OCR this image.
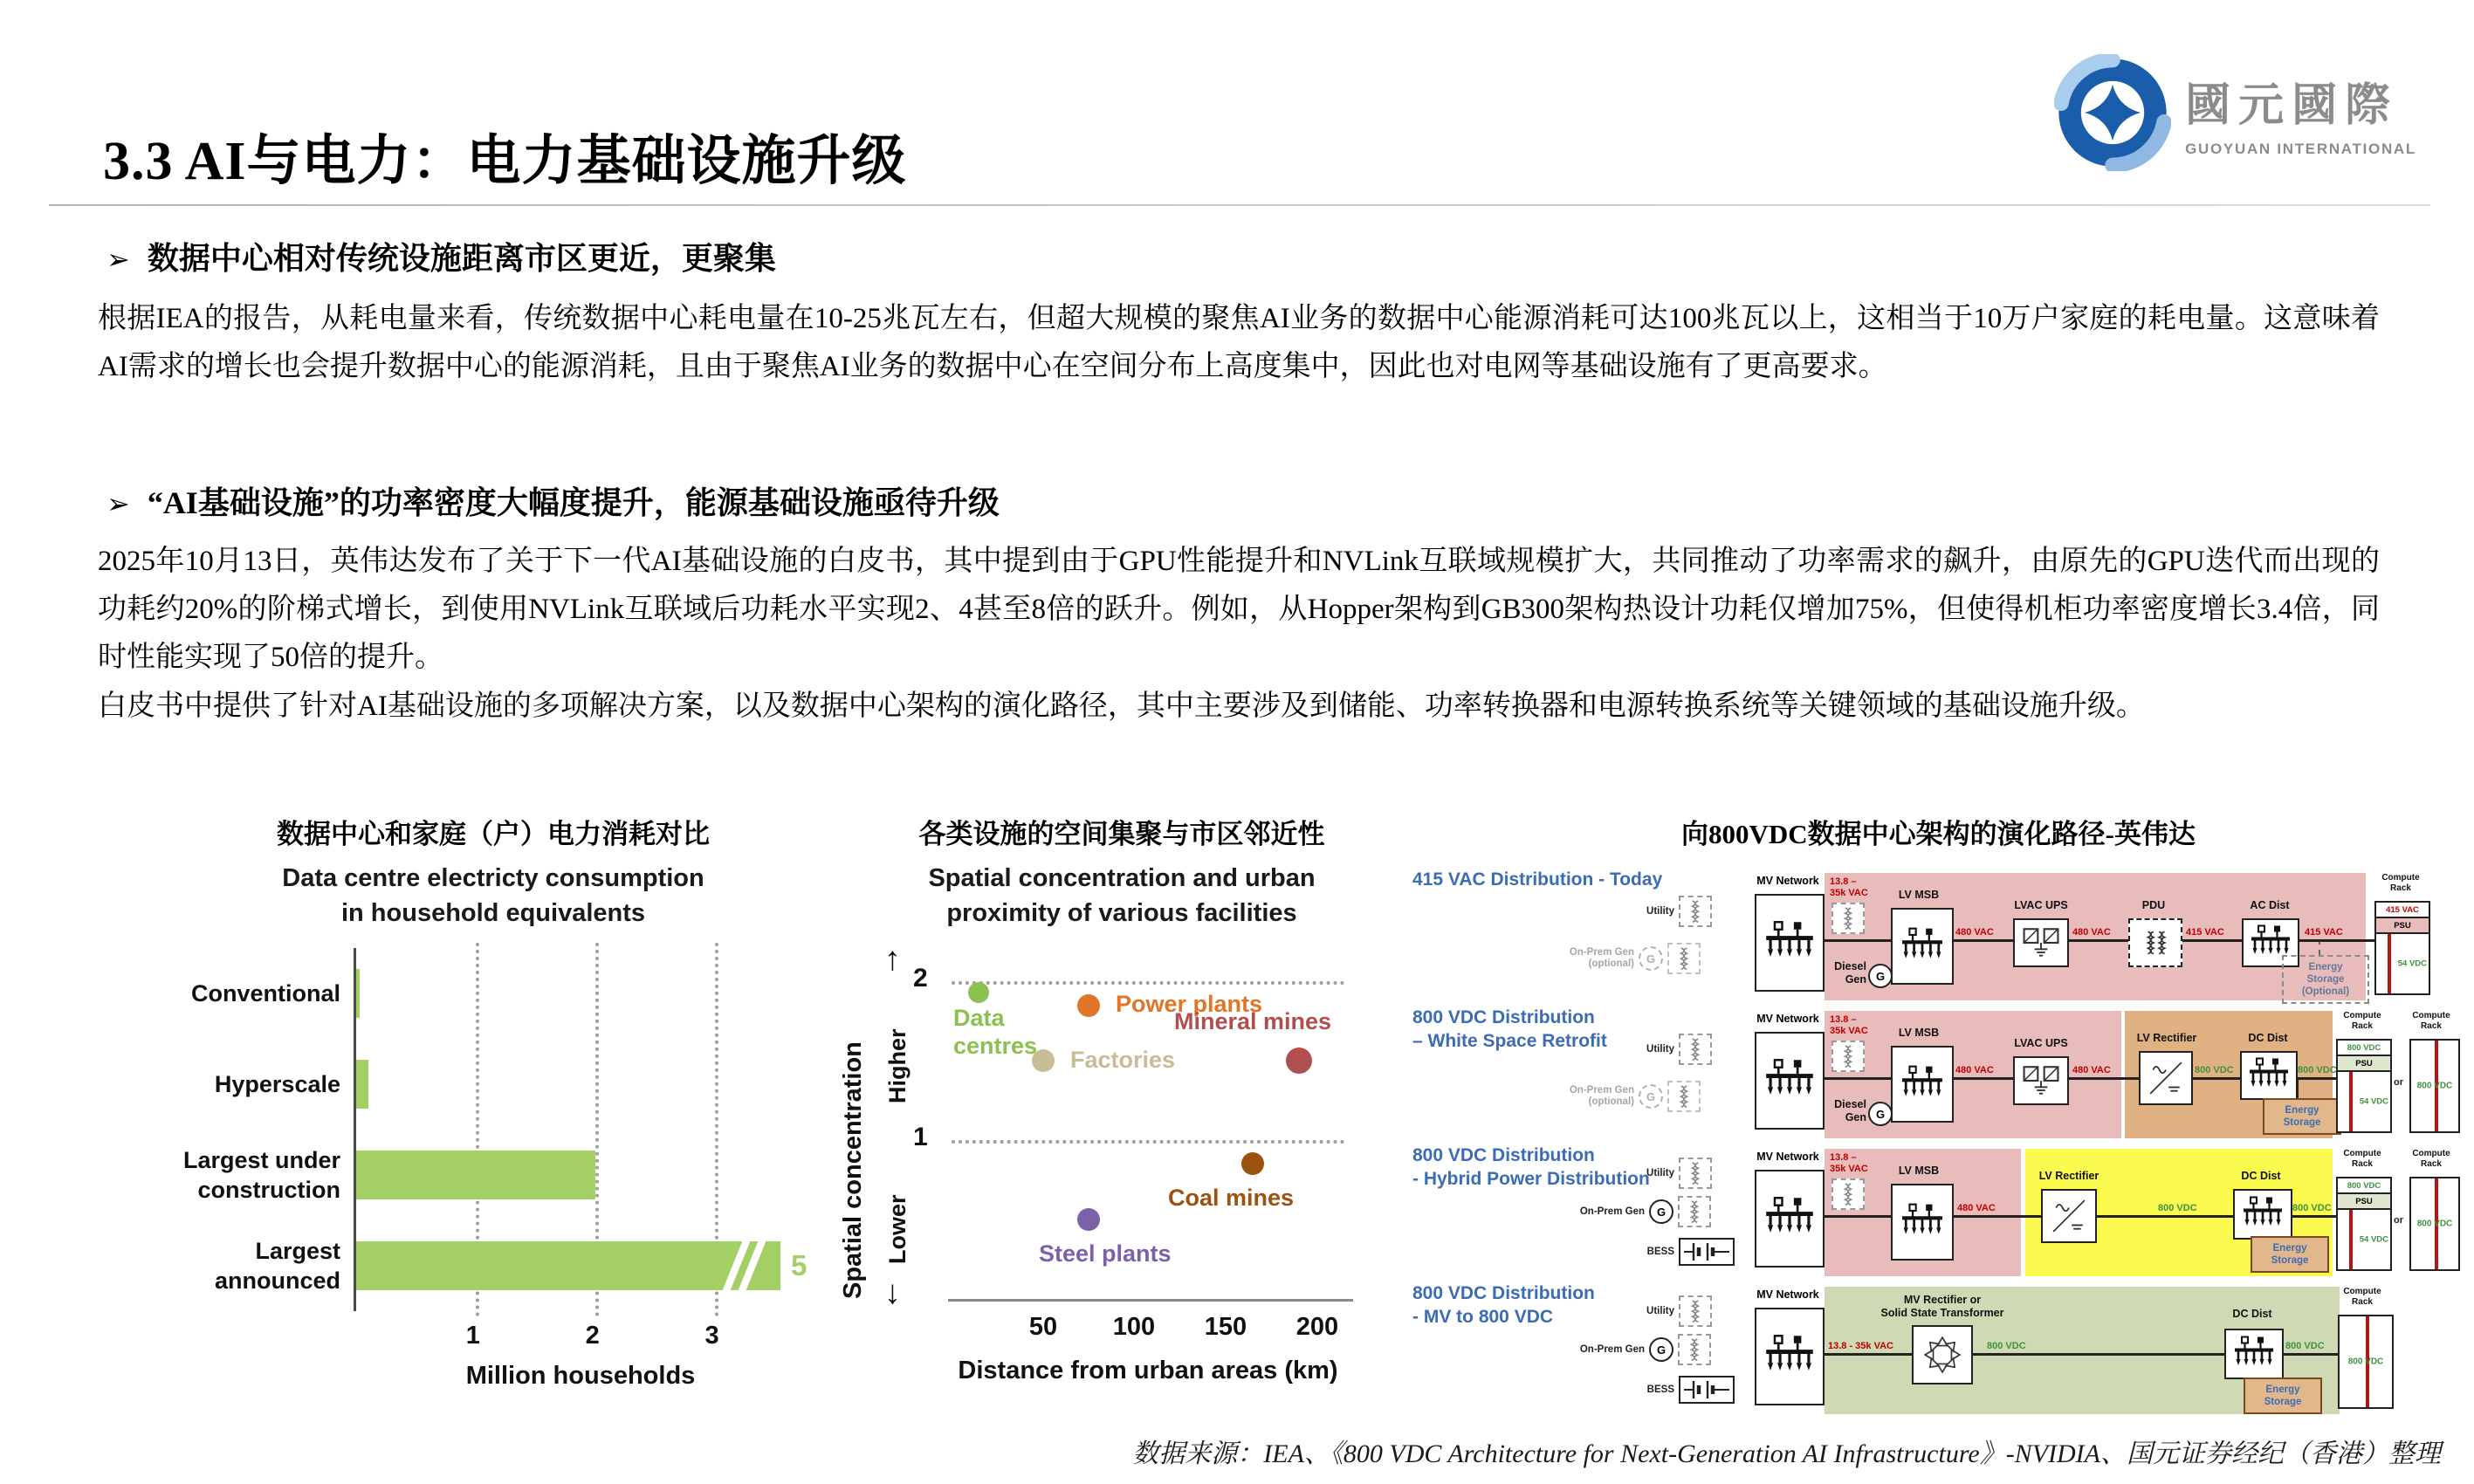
3.3 AI与电力：电力基础设施升级
國元國際
GUOYUAN INTERNATIONAL
➢ 数据中心相对传统设施距离市区更近，更聚集
根据IEA的报告，从耗电量来看，传统数据中心耗电量在10-25兆瓦左右，但超大规模的聚焦AI业务的数据中心能源消耗可达100兆瓦以上，这相当于10万户家庭的耗电量。这意味着AI需求的增长也会提升数据中心的能源消耗，且由于聚焦AI业务的数据中心在空间分布上高度集中，因此也对电网等基础设施有了更高要求。
➢ “AI基础设施”的功率密度大幅度提升，能源基础设施亟待升级
2025年10月13日，英伟达发布了关于下一代AI基础设施的白皮书，其中提到由于GPU性能提升和NVLink互联域规模扩大，共同推动了功率需求的飙升，由原先的GPU迭代而出现的功耗约20%的阶梯式增长，到使用NVLink互联域后功耗水平实现2、4甚至8倍的跃升。例如，从Hopper架构到GB300架构热设计功耗仅增加75%，但使得机柜功率密度增长3.4倍，同时性能实现了50倍的提升。
白皮书中提供了针对AI基础设施的多项解决方案，以及数据中心架构的演化路径，其中主要涉及到储能、功率转换器和电源转换系统等关键领域的基础设施升级。
数据中心和家庭（户）电力消耗对比
Data centre electricty consumption
in household equivalents
Conventional
Hyperscale
Largest under construction
Largest announced	5
1	2	3
Million households
各类设施的空间集聚与市区邻近性
Spatial concentration and urban
proximity of various facilities
Spatial concentration
↑
Higher
Lower
↓
2
1
50 100 150 200
Distance from urban areas (km)
Data centres
Power plants
Factories
Mineral mines
Coal mines
Steel plants
向800VDC数据中心架构的演化路径-英伟达
415 VAC Distribution - Today
Utility
On-Prem Gen
(optional)	G
MV Network 13.8 –
35k VAC	LV MSB
Diesel
Gen G
480 VAC
LVAC UPS
480 VAC
PDU
415 VAC
AC Dist
415 VAC
Energy
Storage
(Optional)
Compute
Rack
415 VAC
PSU
54 VDC
800 VDC Distribution
– White Space Retrofit	Utility
On-Prem Gen
(optional)	G
MV Network 13.8 –
35k VAC	LV MSB
Diesel
Gen G
480 VAC
LVAC UPS
480 VAC
LV Rectifier
800 VDC
DC Dist
800 VDC
Energy
Storage
Compute
Rack
800 VDC
PSU
54 VDC
or
Compute
Rack
800 VDC
800 VDC Distribution
- Hybrid Power Distribution
Utility
On-Prem Gen	G
BESS
MV Network 13.8 –
35k VAC	LV MSB
480 VAC
LV Rectifier
800 VDC
DC Dist
800 VDC
Energy
Storage
Compute
Rack
800 VDC
PSU
54 VDC
or
Compute
Rack
800 VDC
800 VDC Distribution
- MV to 800 VDC	Utility
On-Prem Gen	G
BESS
MV Network	MV Rectifier or
Solid State Transformer
13.8 - 35k VAC	800 VDC
DC Dist
800 VDC
Energy
Storage
Compute
Rack
800 VDC
数据来源：IEA、《800 VDC Architecture for Next-Generation AI Infrastructure》-NVIDIA、国元证券经纪（香港）整理
